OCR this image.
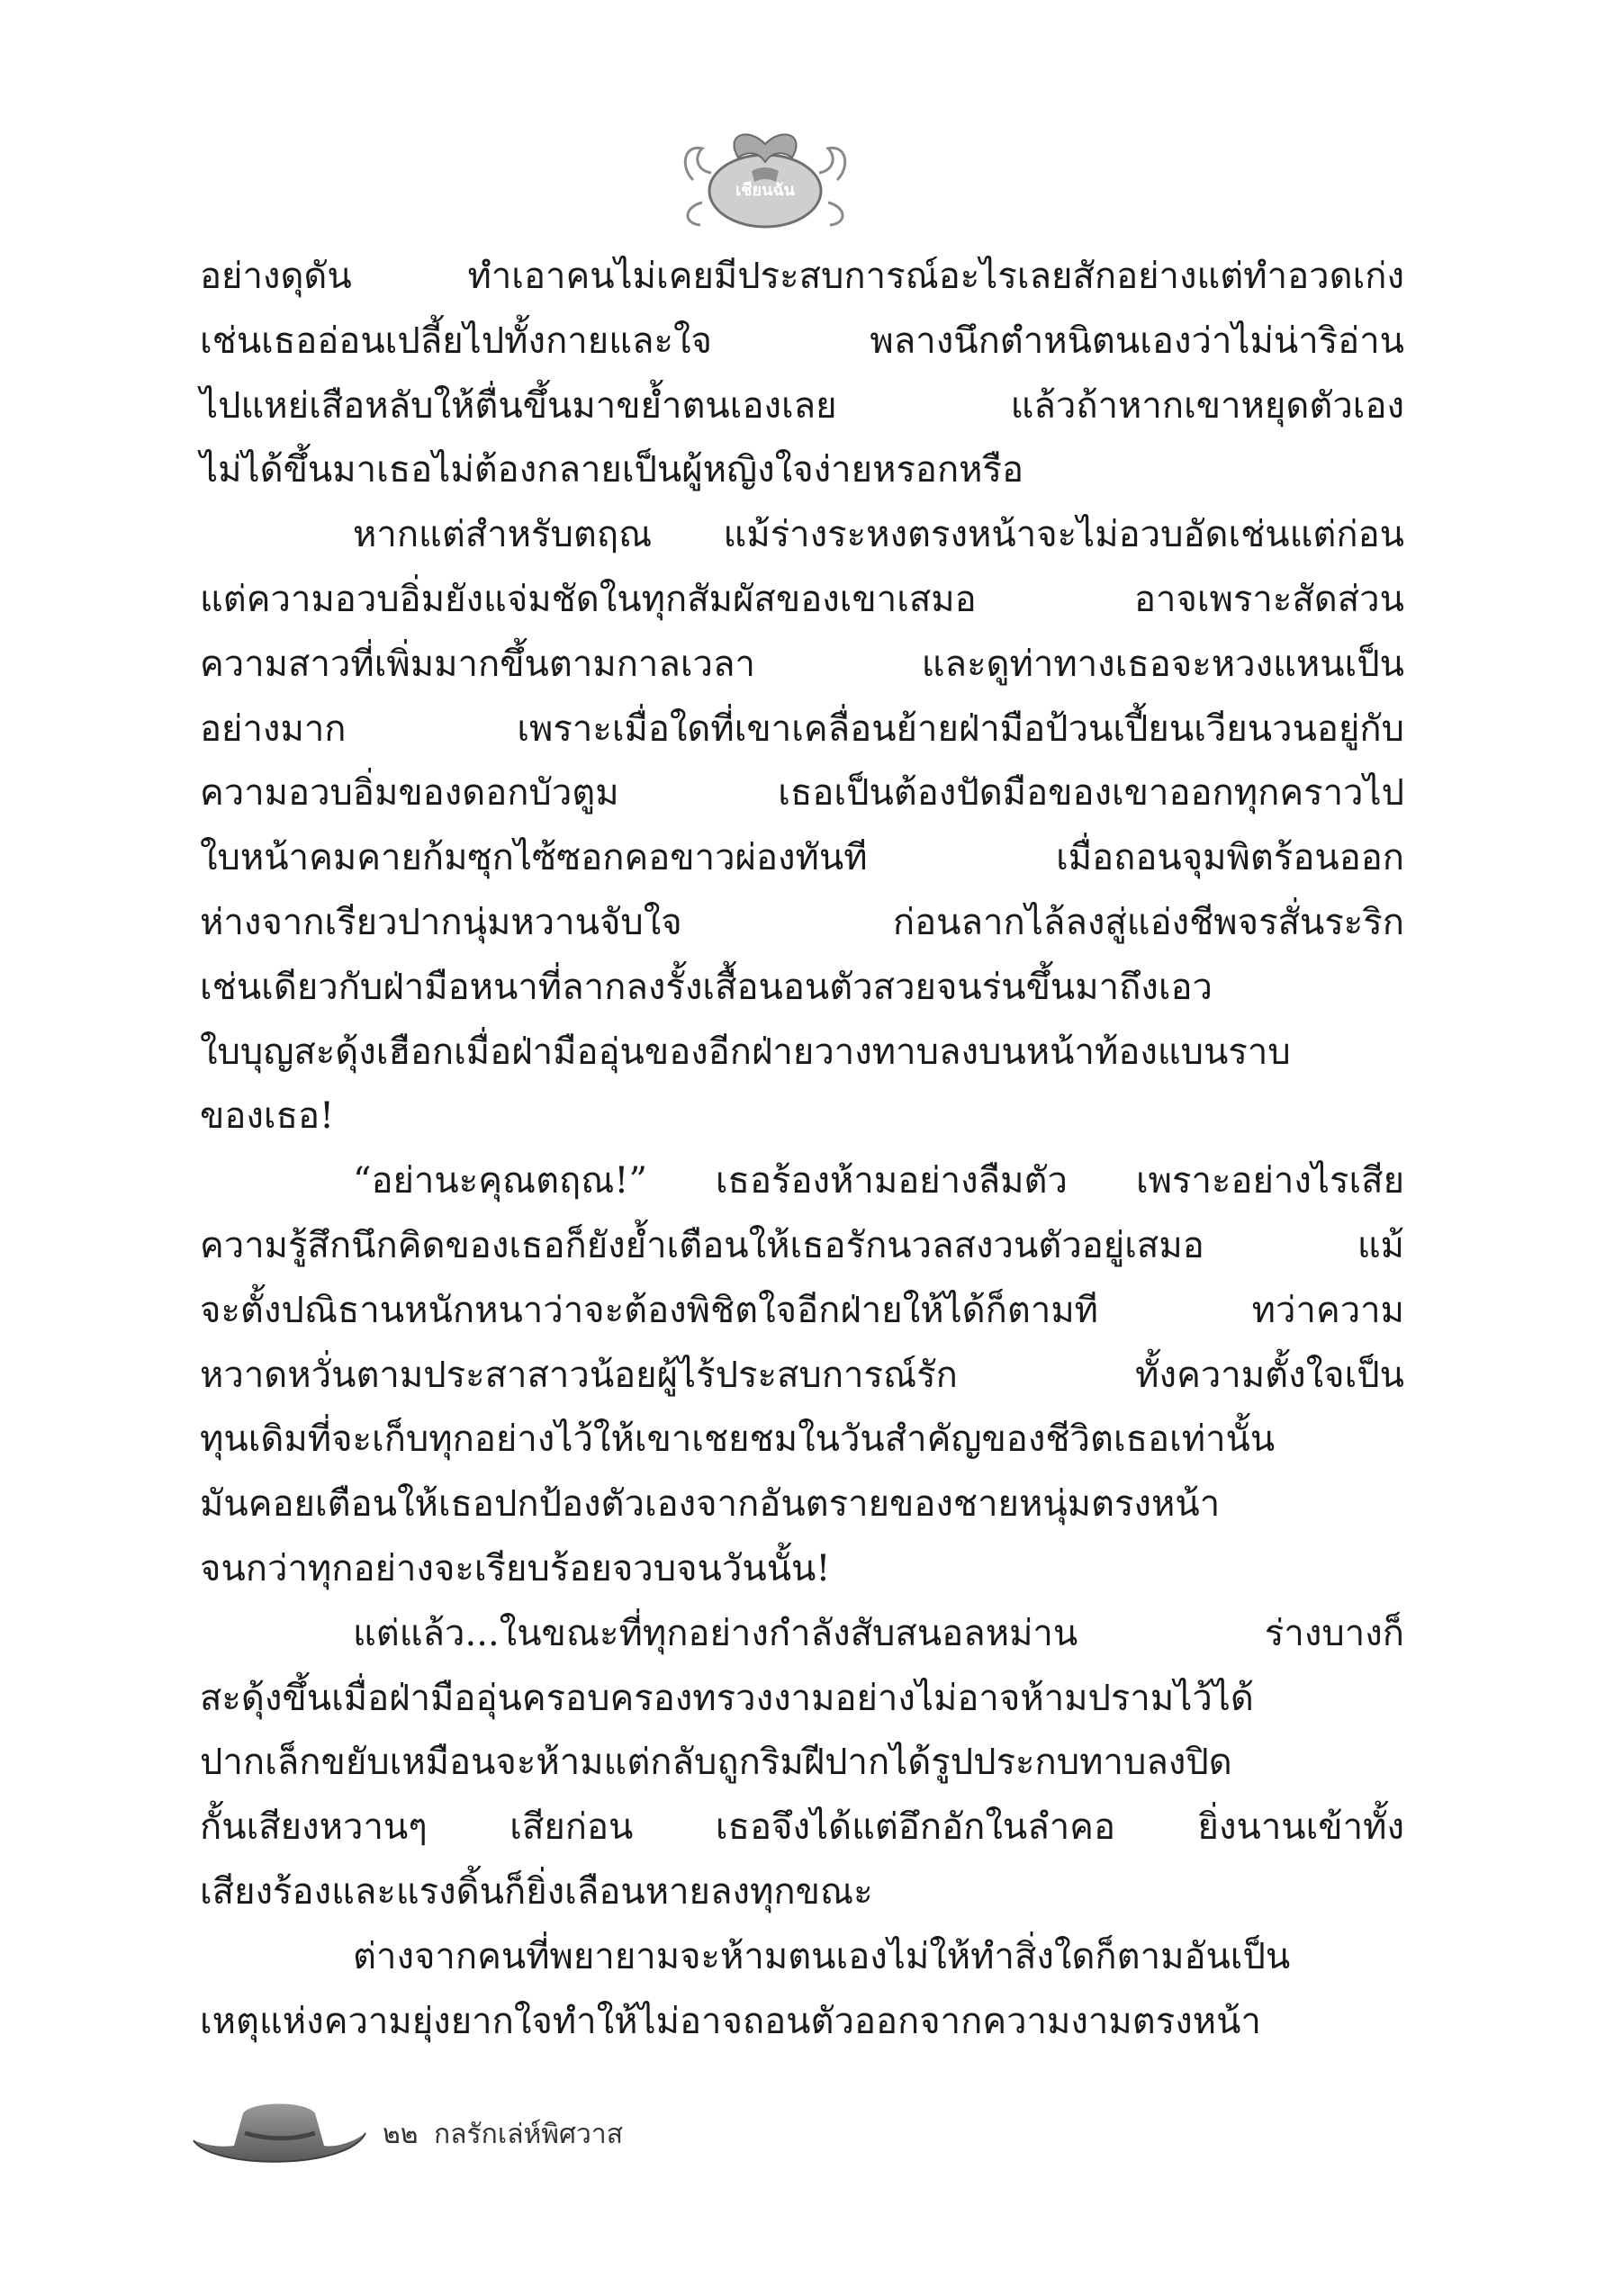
เชียนฉัน

อย่างดุดัน ทำเอาคนไม่เคยมีประสบการณ์อะไรเลยสักอย่างแต่ทำอวดเก่ง
เช่นเธออ่อนเปลี้ยไปทั้งกายและใจ พลางนึกตำหนิตนเองว่าไม่น่าริอ่าน
ไปแหย่เสือหลับให้ตื่นขึ้นมาขย้ำตนเองเลย แล้วถ้าหากเขาหยุดตัวเอง
ไม่ได้ขึ้นมาเธอไม่ต้องกลายเป็นผู้หญิงใจง่ายหรอกหรือ

หากแต่สำหรับตฤณ แม้ร่างระหงตรงหน้าจะไม่อวบอัดเช่นแต่ก่อน
แต่ความอวบอิ่มยังแจ่มชัดในทุกสัมผัสของเขาเสมอ อาจเพราะสัดส่วน
ความสาวที่เพิ่มมากขึ้นตามกาลเวลา และดูท่าทางเธอจะหวงแหนเป็น
อย่างมาก เพราะเมื่อใดที่เขาเคลื่อนย้ายฝ่ามือป้วนเปี้ยนเวียนวนอยู่กับ
ความอวบอิ่มของดอกบัวตูม เธอเป็นต้องปัดมือของเขาออกทุกคราวไป
ใบหน้าคมคายก้มซุกไซ้ซอกคอขาวผ่องทันที เมื่อถอนจุมพิตร้อนออก
ห่างจากเรียวปากนุ่มหวานจับใจ ก่อนลากไล้ลงสู่แอ่งชีพจรสั่นระริก
เช่นเดียวกับฝ่ามือหนาที่ลากลงรั้งเสื้อนอนตัวสวยจนร่นขึ้นมาถึงเอว
ใบบุญสะดุ้งเฮือกเมื่อฝ่ามืออุ่นของอีกฝ่ายวางทาบลงบนหน้าท้องแบนราบ
ของเธอ!

“อย่านะคุณตฤณ!” เธอร้องห้ามอย่างลืมตัว เพราะอย่างไรเสีย
ความรู้สึกนึกคิดของเธอก็ยังย้ำเตือนให้เธอรักนวลสงวนตัวอยู่เสมอ แม้
จะตั้งปณิธานหนักหนาว่าจะต้องพิชิตใจอีกฝ่ายให้ได้ก็ตามที ทว่าความ
หวาดหวั่นตามประสาสาวน้อยผู้ไร้ประสบการณ์รัก ทั้งความตั้งใจเป็น
ทุนเดิมที่จะเก็บทุกอย่างไว้ให้เขาเชยชมในวันสำคัญของชีวิตเธอเท่านั้น
มันคอยเตือนให้เธอปกป้องตัวเองจากอันตรายของชายหนุ่มตรงหน้า
จนกว่าทุกอย่างจะเรียบร้อยจวบจนวันนั้น!

แต่แล้ว...ในขณะที่ทุกอย่างกำลังสับสนอลหม่าน ร่างบางก็
สะดุ้งขึ้นเมื่อฝ่ามืออุ่นครอบครองทรวงงามอย่างไม่อาจห้ามปรามไว้ได้
ปากเล็กขยับเหมือนจะห้ามแต่กลับถูกริมฝีปากได้รูปประกบทาบลงปิด
กั้นเสียงหวานๆ เสียก่อน เธอจึงได้แต่อึกอักในลำคอ ยิ่งนานเข้าทั้ง
เสียงร้องและแรงดิ้นก็ยิ่งเลือนหายลงทุกขณะ

ต่างจากคนที่พยายามจะห้ามตนเองไม่ให้ทำสิ่งใดก็ตามอันเป็น
เหตุแห่งความยุ่งยากใจทำให้ไม่อาจถอนตัวออกจากความงามตรงหน้า

๒๒ กลรักเล่ห์พิศวาส
